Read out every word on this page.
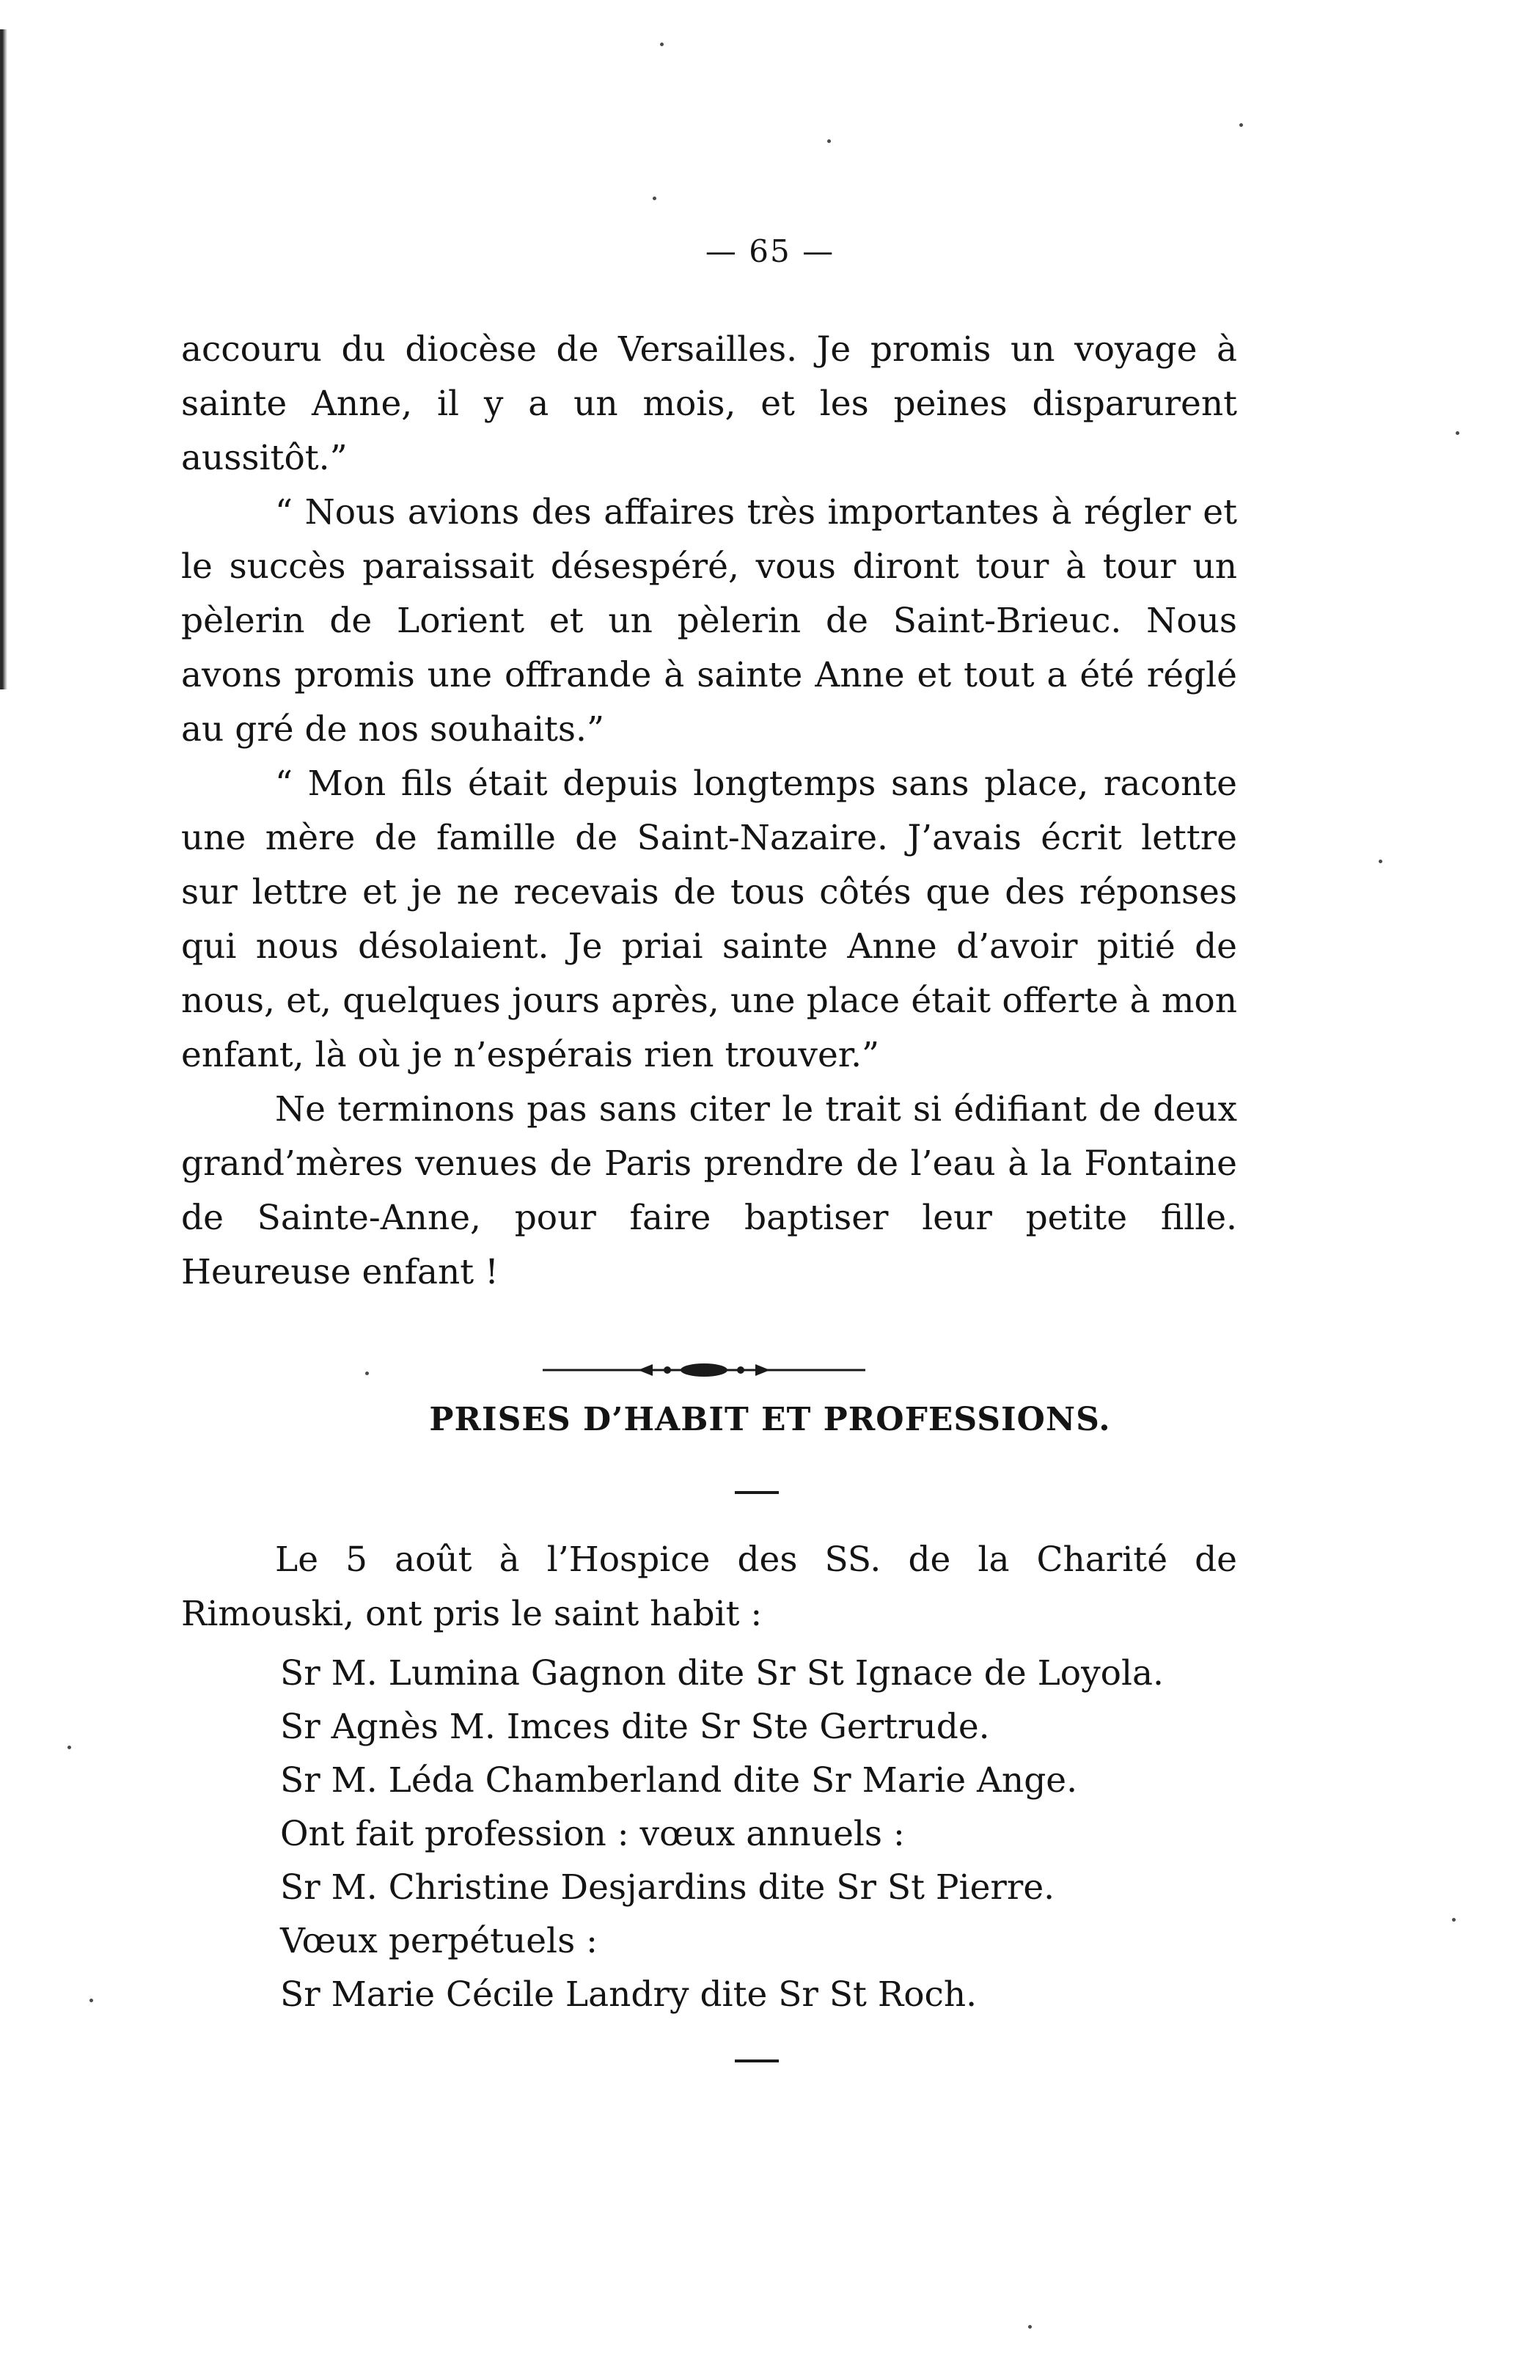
— 65 —

accouru du diocèse de Versailles. Je promis un voyage à sainte Anne, il y a un mois, et les peines disparurent aussitôt.”

“ Nous avions des affaires très importantes à régler et le succès paraissait désespéré, vous diront tour à tour un pèlerin de Lorient et un pèlerin de Saint-Brieuc. Nous avons promis une offrande à sainte Anne et tout a été réglé au gré de nos souhaits.”

“ Mon fils était depuis longtemps sans place, raconte une mère de famille de Saint-Nazaire. J’avais écrit lettre sur lettre et je ne recevais de tous côtés que des réponses qui nous désolaient. Je priai sainte Anne d’avoir pitié de nous, et, quelques jours après, une place était offerte à mon enfant, là où je n’espérais rien trouver.”

Ne terminons pas sans citer le trait si édifiant de deux grand’mères venues de Paris prendre de l’eau à la Fontaine de Sainte-Anne, pour faire baptiser leur petite fille. Heureuse enfant !

PRISES D’HABIT ET PROFESSIONS.

Le 5 août à l’Hospice des SS. de la Charité de Rimouski, ont pris le saint habit :

Sr M. Lumina Gagnon dite Sr St Ignace de Loyola.
Sr Agnès M. Imces dite Sr Ste Gertrude.
Sr M. Léda Chamberland dite Sr Marie Ange.
Ont fait profession : vœux annuels :
Sr M. Christine Desjardins dite Sr St Pierre.
Vœux perpétuels :
Sr Marie Cécile Landry dite Sr St Roch.
